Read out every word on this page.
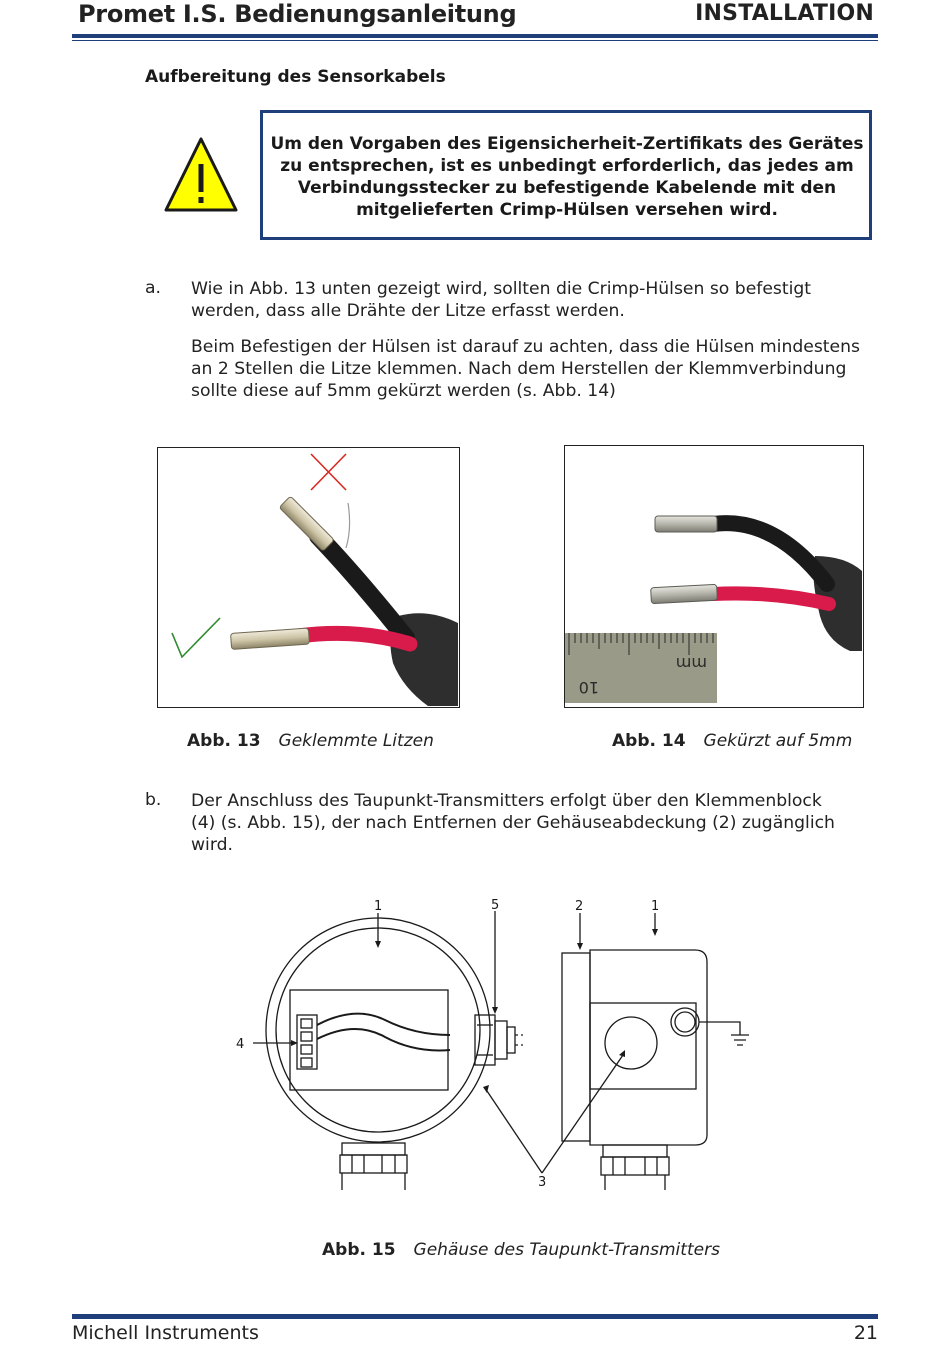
Promet I.S. Bedienungsanleitung	INSTALLATION
Aufbereitung des Sensorkabels
Um den Vorgaben des Eigensicherheit-Zertifikats des Gerätes
zu entsprechen, ist es unbedingt erforderlich, das jedes am
Verbindungsstecker zu befestigende Kabelende mit den
mitgelieferten Crimp-Hülsen versehen wird.
a. Wie in Abb. 13 unten gezeigt wird, sollten die Crimp-Hülsen so befestigt
werden, dass alle Drähte der Litze erfasst werden.
Beim Befestigen der Hülsen ist darauf zu achten, dass die Hülsen mindestens
an 2 Stellen die Litze klemmen. Nach dem Herstellen der Klemmverbindung
sollte diese auf 5mm gekürzt werden (s. Abb. 14)
10
mm
Abb. 13 Geklemmte Litzen	Abb. 14 Gekürzt auf 5mm
b. Der Anschluss des Taupunkt-Transmitters erfolgt über den Klemmenblock
(4) (s. Abb. 15), der nach Entfernen der Gehäuseabdeckung (2) zugänglich
wird.
1	5	2	1
4
3
Abb. 15 Gehäuse des Taupunkt-Transmitters
Michell Instruments	21
